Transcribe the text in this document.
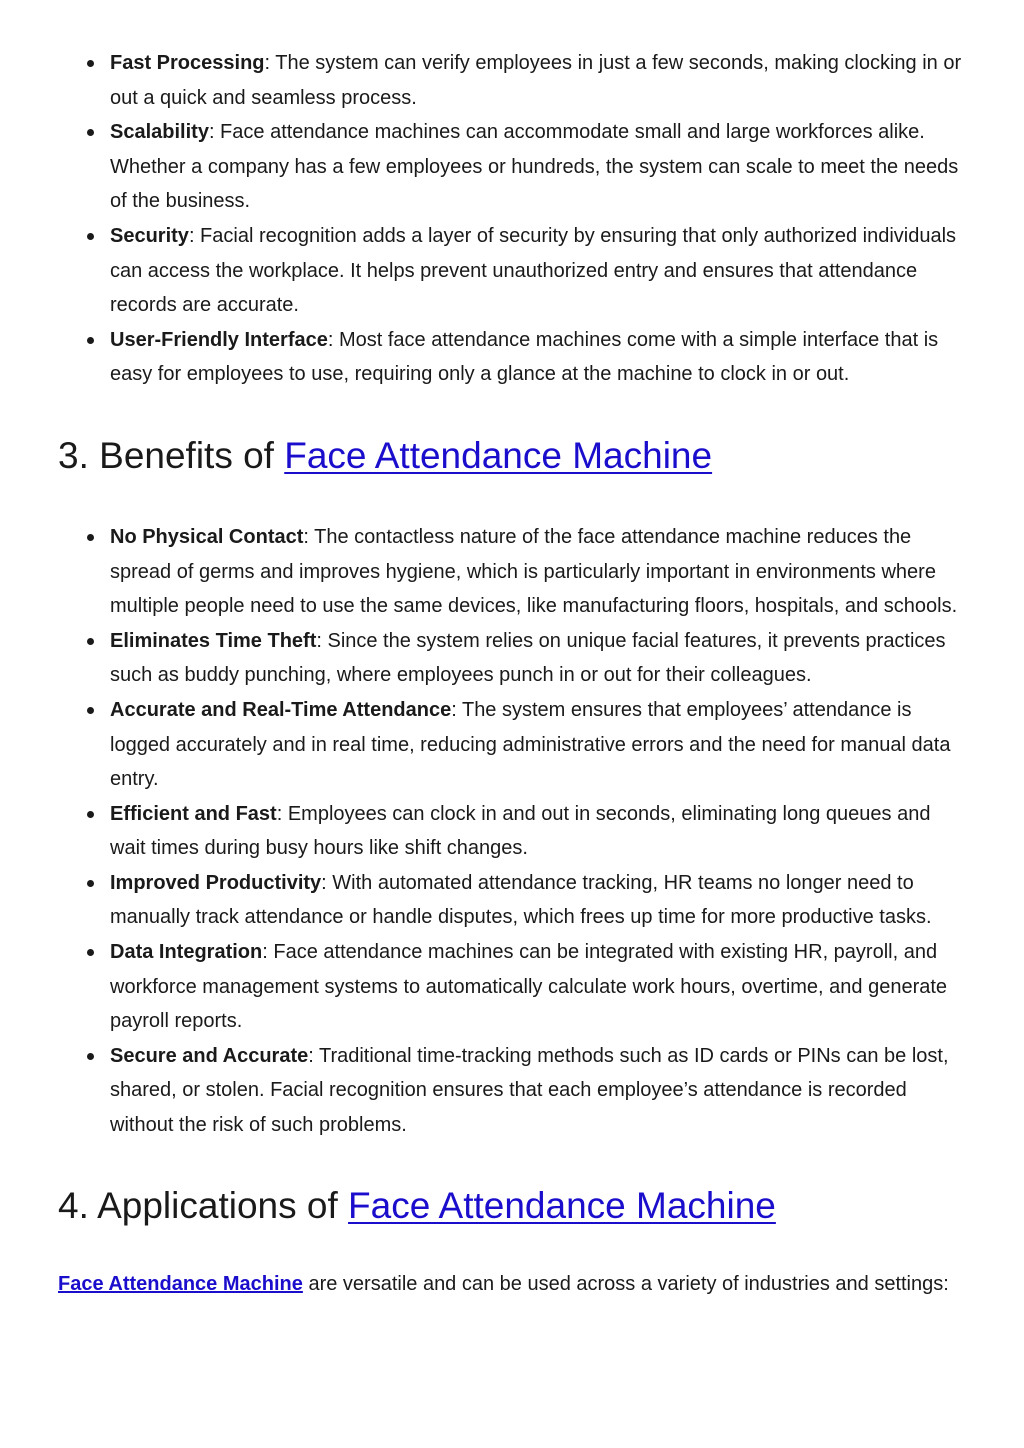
Fast Processing: The system can verify employees in just a few seconds, making clocking in or out a quick and seamless process.
Scalability: Face attendance machines can accommodate small and large workforces alike. Whether a company has a few employees or hundreds, the system can scale to meet the needs of the business.
Security: Facial recognition adds a layer of security by ensuring that only authorized individuals can access the workplace. It helps prevent unauthorized entry and ensures that attendance records are accurate.
User-Friendly Interface: Most face attendance machines come with a simple interface that is easy for employees to use, requiring only a glance at the machine to clock in or out.
3. Benefits of Face Attendance Machine
No Physical Contact: The contactless nature of the face attendance machine reduces the spread of germs and improves hygiene, which is particularly important in environments where multiple people need to use the same devices, like manufacturing floors, hospitals, and schools.
Eliminates Time Theft: Since the system relies on unique facial features, it prevents practices such as buddy punching, where employees punch in or out for their colleagues.
Accurate and Real-Time Attendance: The system ensures that employees’ attendance is logged accurately and in real time, reducing administrative errors and the need for manual data entry.
Efficient and Fast: Employees can clock in and out in seconds, eliminating long queues and wait times during busy hours like shift changes.
Improved Productivity: With automated attendance tracking, HR teams no longer need to manually track attendance or handle disputes, which frees up time for more productive tasks.
Data Integration: Face attendance machines can be integrated with existing HR, payroll, and workforce management systems to automatically calculate work hours, overtime, and generate payroll reports.
Secure and Accurate: Traditional time-tracking methods such as ID cards or PINs can be lost, shared, or stolen. Facial recognition ensures that each employee’s attendance is recorded without the risk of such problems.
4. Applications of Face Attendance Machine

Face Attendance Machine are versatile and can be used across a variety of industries and settings:
